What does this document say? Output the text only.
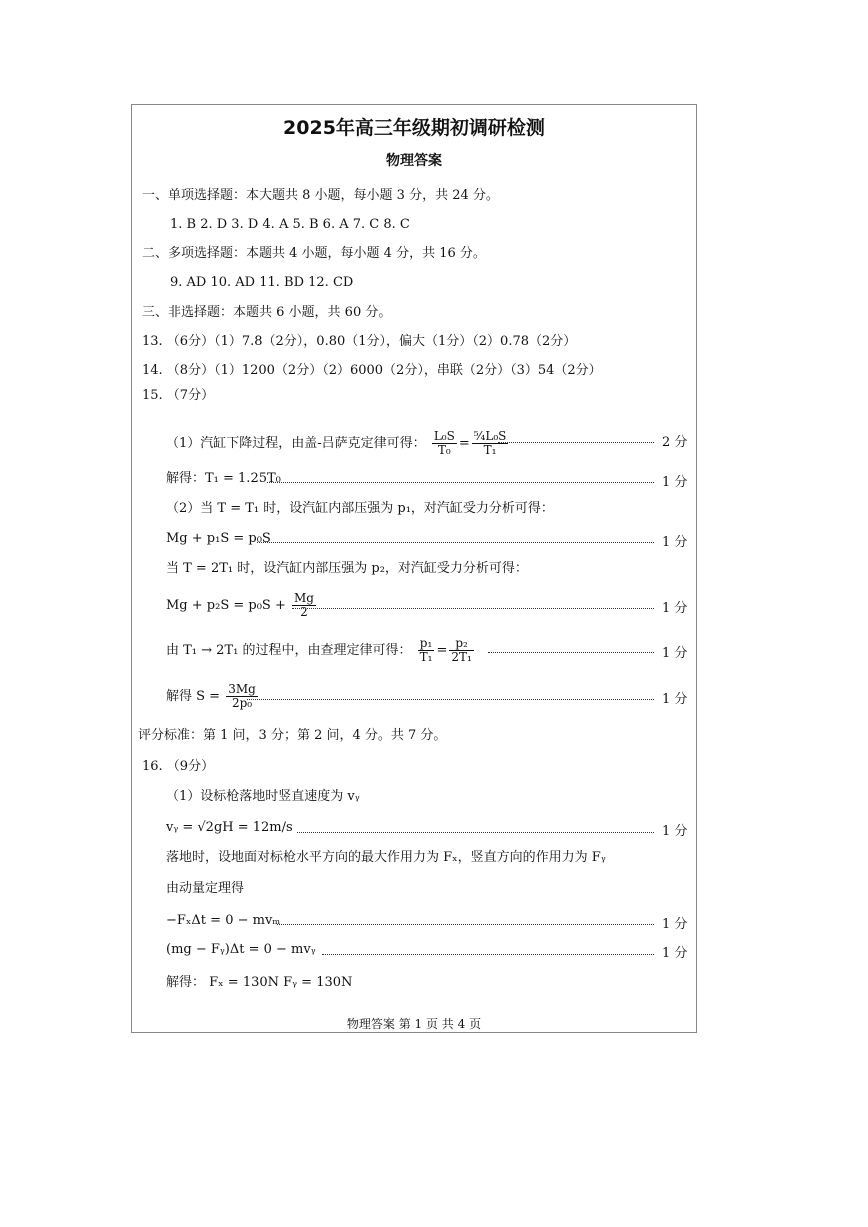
2025年高三年级期初调研检测
物理答案
一、单项选择题：本大题共 8 小题，每小题 3 分，共 24 分。
1. B 2. D 3. D 4. A 5. B 6. A 7. C 8. C
二、多项选择题：本题共 4 小题，每小题 4 分，共 16 分。
9. AD 10. AD 11. BD 12. CD
三、非选择题：本题共 6 小题，共 60 分。
13. （6分）（1）7.8（2分），0.80（1分），偏大（1分）（2）0.78（2分）
14. （8分）（1）1200（2分）（2）6000（2分），串联（2分）（3）54（2分）
15. （7分）
（1）汽缸下降过程，由盖-吕萨克定律可得： $\frac{\text{L₀S}}{\text{T₀}} = \frac{\text{⁵⁄₄L₀S}}{\text{T₁}}$	2 分
解得：T₁ = 1.25T₀	1 分
（2）当 T = T₁ 时，设汽缸内部压强为 p₁，对汽缸受力分析可得：
Mg + p₁S = p₀S	1 分
当 T = 2T₁ 时，设汽缸内部压强为 p₂，对汽缸受力分析可得：
$Mg + p_2S = p_0S + \frac{Mg}{2}$	1 分
由 T₁ → 2T₁ 的过程中，由查理定律可得： $\frac{\text{p₁}}{\text{T₁}} = \frac{\text{p₂}}{\text{2T₁}}$	1 分
解得 $S = \frac{3Mg}{\text{2p₀}}$	1 分
评分标准：第 1 问，3 分；第 2 问，4 分。共 7 分。
16. （9分）
（1）设标枪落地时竖直速度为 vᵧ
vᵧ = √2gH = 12m/s	1 分
落地时，设地面对标枪水平方向的最大作用力为 Fₓ，竖直方向的作用力为 Fᵧ
由动量定理得
−FₓΔt = 0 − mvₘ	1 分
(mg − Fᵧ)Δt = 0 − mvᵧ	1 分
解得： Fₓ = 130N Fᵧ = 130N
物理答案 第 1 页 共 4 页
